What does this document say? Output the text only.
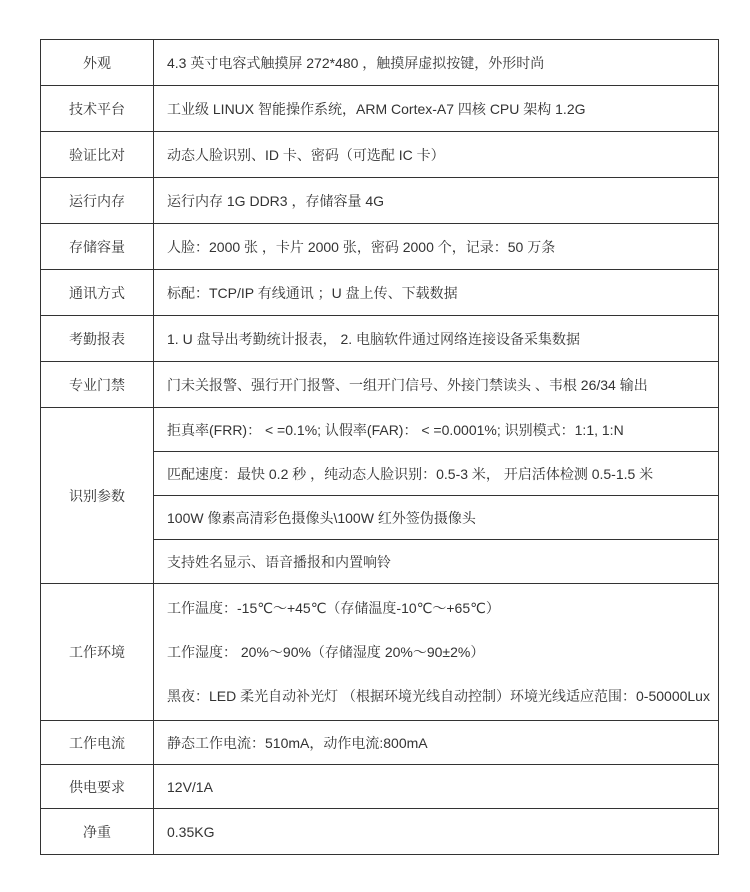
外观	4.3 英寸电容式触摸屏 272*480 ，触摸屏虚拟按键，外形时尚
技术平台	工业级 LINUX 智能操作系统，ARM Cortex-A7 四核 CPU 架构 1.2G
验证比对	动态人脸识别、ID 卡、密码（可选配 IC 卡）
运行内存	运行内存 1G DDR3 ，存储容量 4G
存储容量	人脸：2000 张 ，卡片 2000 张，密码 2000 个，记录：50 万条
通讯方式	标配：TCP/IP 有线通讯 ；U 盘上传、下载数据
考勤报表	1. U 盘导出考勤统计报表， 2. 电脑软件通过网络连接设备采集数据
专业门禁	门未关报警、强行开门报警、一组开门信号、外接门禁读头 、韦根 26/34 输出
识别参数	拒真率(FRR)： < =0.1%; 认假率(FAR)： < =0.0001%; 识别模式：1:1, 1:N
	匹配速度：最快 0.2 秒 ，纯动态人脸识别：0.5-3 米， 开启活体检测 0.5-1.5 米
	100W 像素高清彩色摄像头\100W 红外签伪摄像头
	支持姓名显示、语音播报和内置响铃
工作环境	工作温度：-15℃～+45℃（存储温度-10℃～+65℃）
工作湿度： 20%～90%（存储湿度 20%～90±2%）
黑夜：LED 柔光自动补光灯 （根据环境光线自动控制）环境光线适应范围：0-50000Lux

工作电流	静态工作电流：510mA，动作电流:800mA
供电要求	12V/1A
净重	0.35KG
